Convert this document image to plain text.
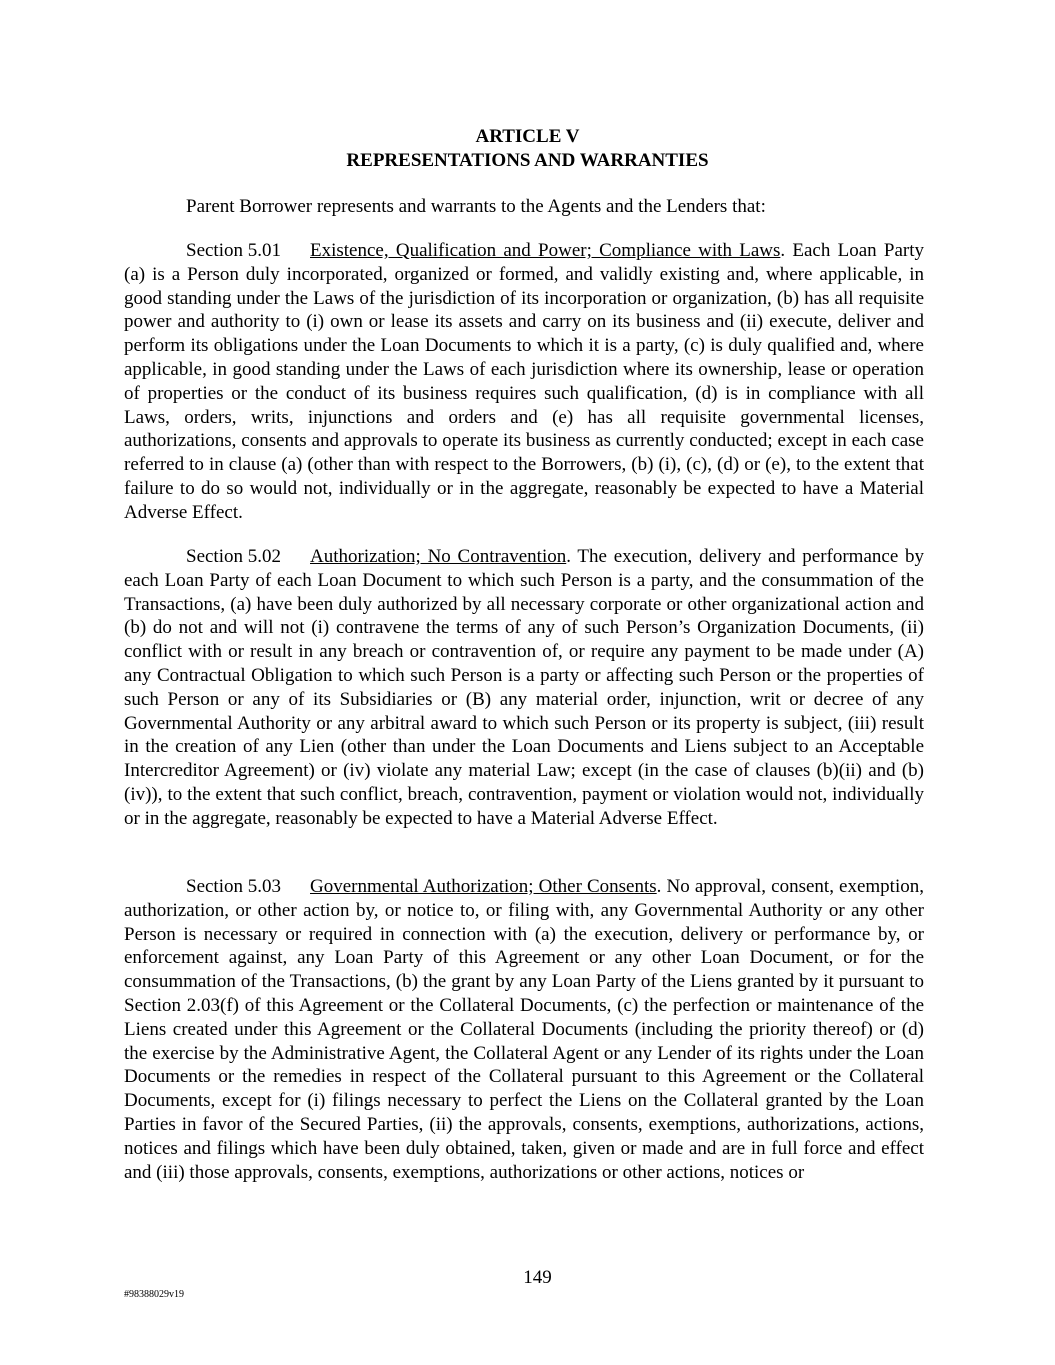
ARTICLE V
REPRESENTATIONS AND WARRANTIES
Parent Borrower represents and warrants to the Agents and the Lenders that:
Section 5.01 Existence, Qualification and Power; Compliance with Laws. Each Loan Party (a) is a Person duly incorporated, organized or formed, and validly existing and, where applicable, in good standing under the Laws of the jurisdiction of its incorporation or organization, (b) has all requisite power and authority to (i) own or lease its assets and carry on its business and (ii) execute, deliver and perform its obligations under the Loan Documents to which it is a party, (c) is duly qualified and, where applicable, in good standing under the Laws of each jurisdiction where its ownership, lease or operation of properties or the conduct of its business requires such qualification, (d) is in compliance with all Laws, orders, writs, injunctions and orders and (e) has all requisite governmental licenses, authorizations, consents and approvals to operate its business as currently conducted; except in each case referred to in clause (a) (other than with respect to the Borrowers, (b) (i), (c), (d) or (e), to the extent that failure to do so would not, individually or in the aggregate, reasonably be expected to have a Material Adverse Effect.
Section 5.02 Authorization; No Contravention. The execution, delivery and performance by each Loan Party of each Loan Document to which such Person is a party, and the consummation of the Transactions, (a) have been duly authorized by all necessary corporate or other organizational action and (b) do not and will not (i) contravene the terms of any of such Person’s Organization Documents, (ii) conflict with or result in any breach or contravention of, or require any payment to be made under (A) any Contractual Obligation to which such Person is a party or affecting such Person or the properties of such Person or any of its Subsidiaries or (B) any material order, injunction, writ or decree of any Governmental Authority or any arbitral award to which such Person or its property is subject, (iii) result in the creation of any Lien (other than under the Loan Documents and Liens subject to an Acceptable Intercreditor Agreement) or (iv) violate any material Law; except (in the case of clauses (b)(ii) and (b)(iv)), to the extent that such conflict, breach, contravention, payment or violation would not, individually or in the aggregate, reasonably be expected to have a Material Adverse Effect.
Section 5.03 Governmental Authorization; Other Consents. No approval, consent, exemption, authorization, or other action by, or notice to, or filing with, any Governmental Authority or any other Person is necessary or required in connection with (a) the execution, delivery or performance by, or enforcement against, any Loan Party of this Agreement or any other Loan Document, or for the consummation of the Transactions, (b) the grant by any Loan Party of the Liens granted by it pursuant to Section 2.03(f) of this Agreement or the Collateral Documents, (c) the perfection or maintenance of the Liens created under this Agreement or the Collateral Documents (including the priority thereof) or (d) the exercise by the Administrative Agent, the Collateral Agent or any Lender of its rights under the Loan Documents or the remedies in respect of the Collateral pursuant to this Agreement or the Collateral Documents, except for (i) filings necessary to perfect the Liens on the Collateral granted by the Loan Parties in favor of the Secured Parties, (ii) the approvals, consents, exemptions, authorizations, actions, notices and filings which have been duly obtained, taken, given or made and are in full force and effect and (iii) those approvals, consents, exemptions, authorizations or other actions, notices or
149
#98388029v19
